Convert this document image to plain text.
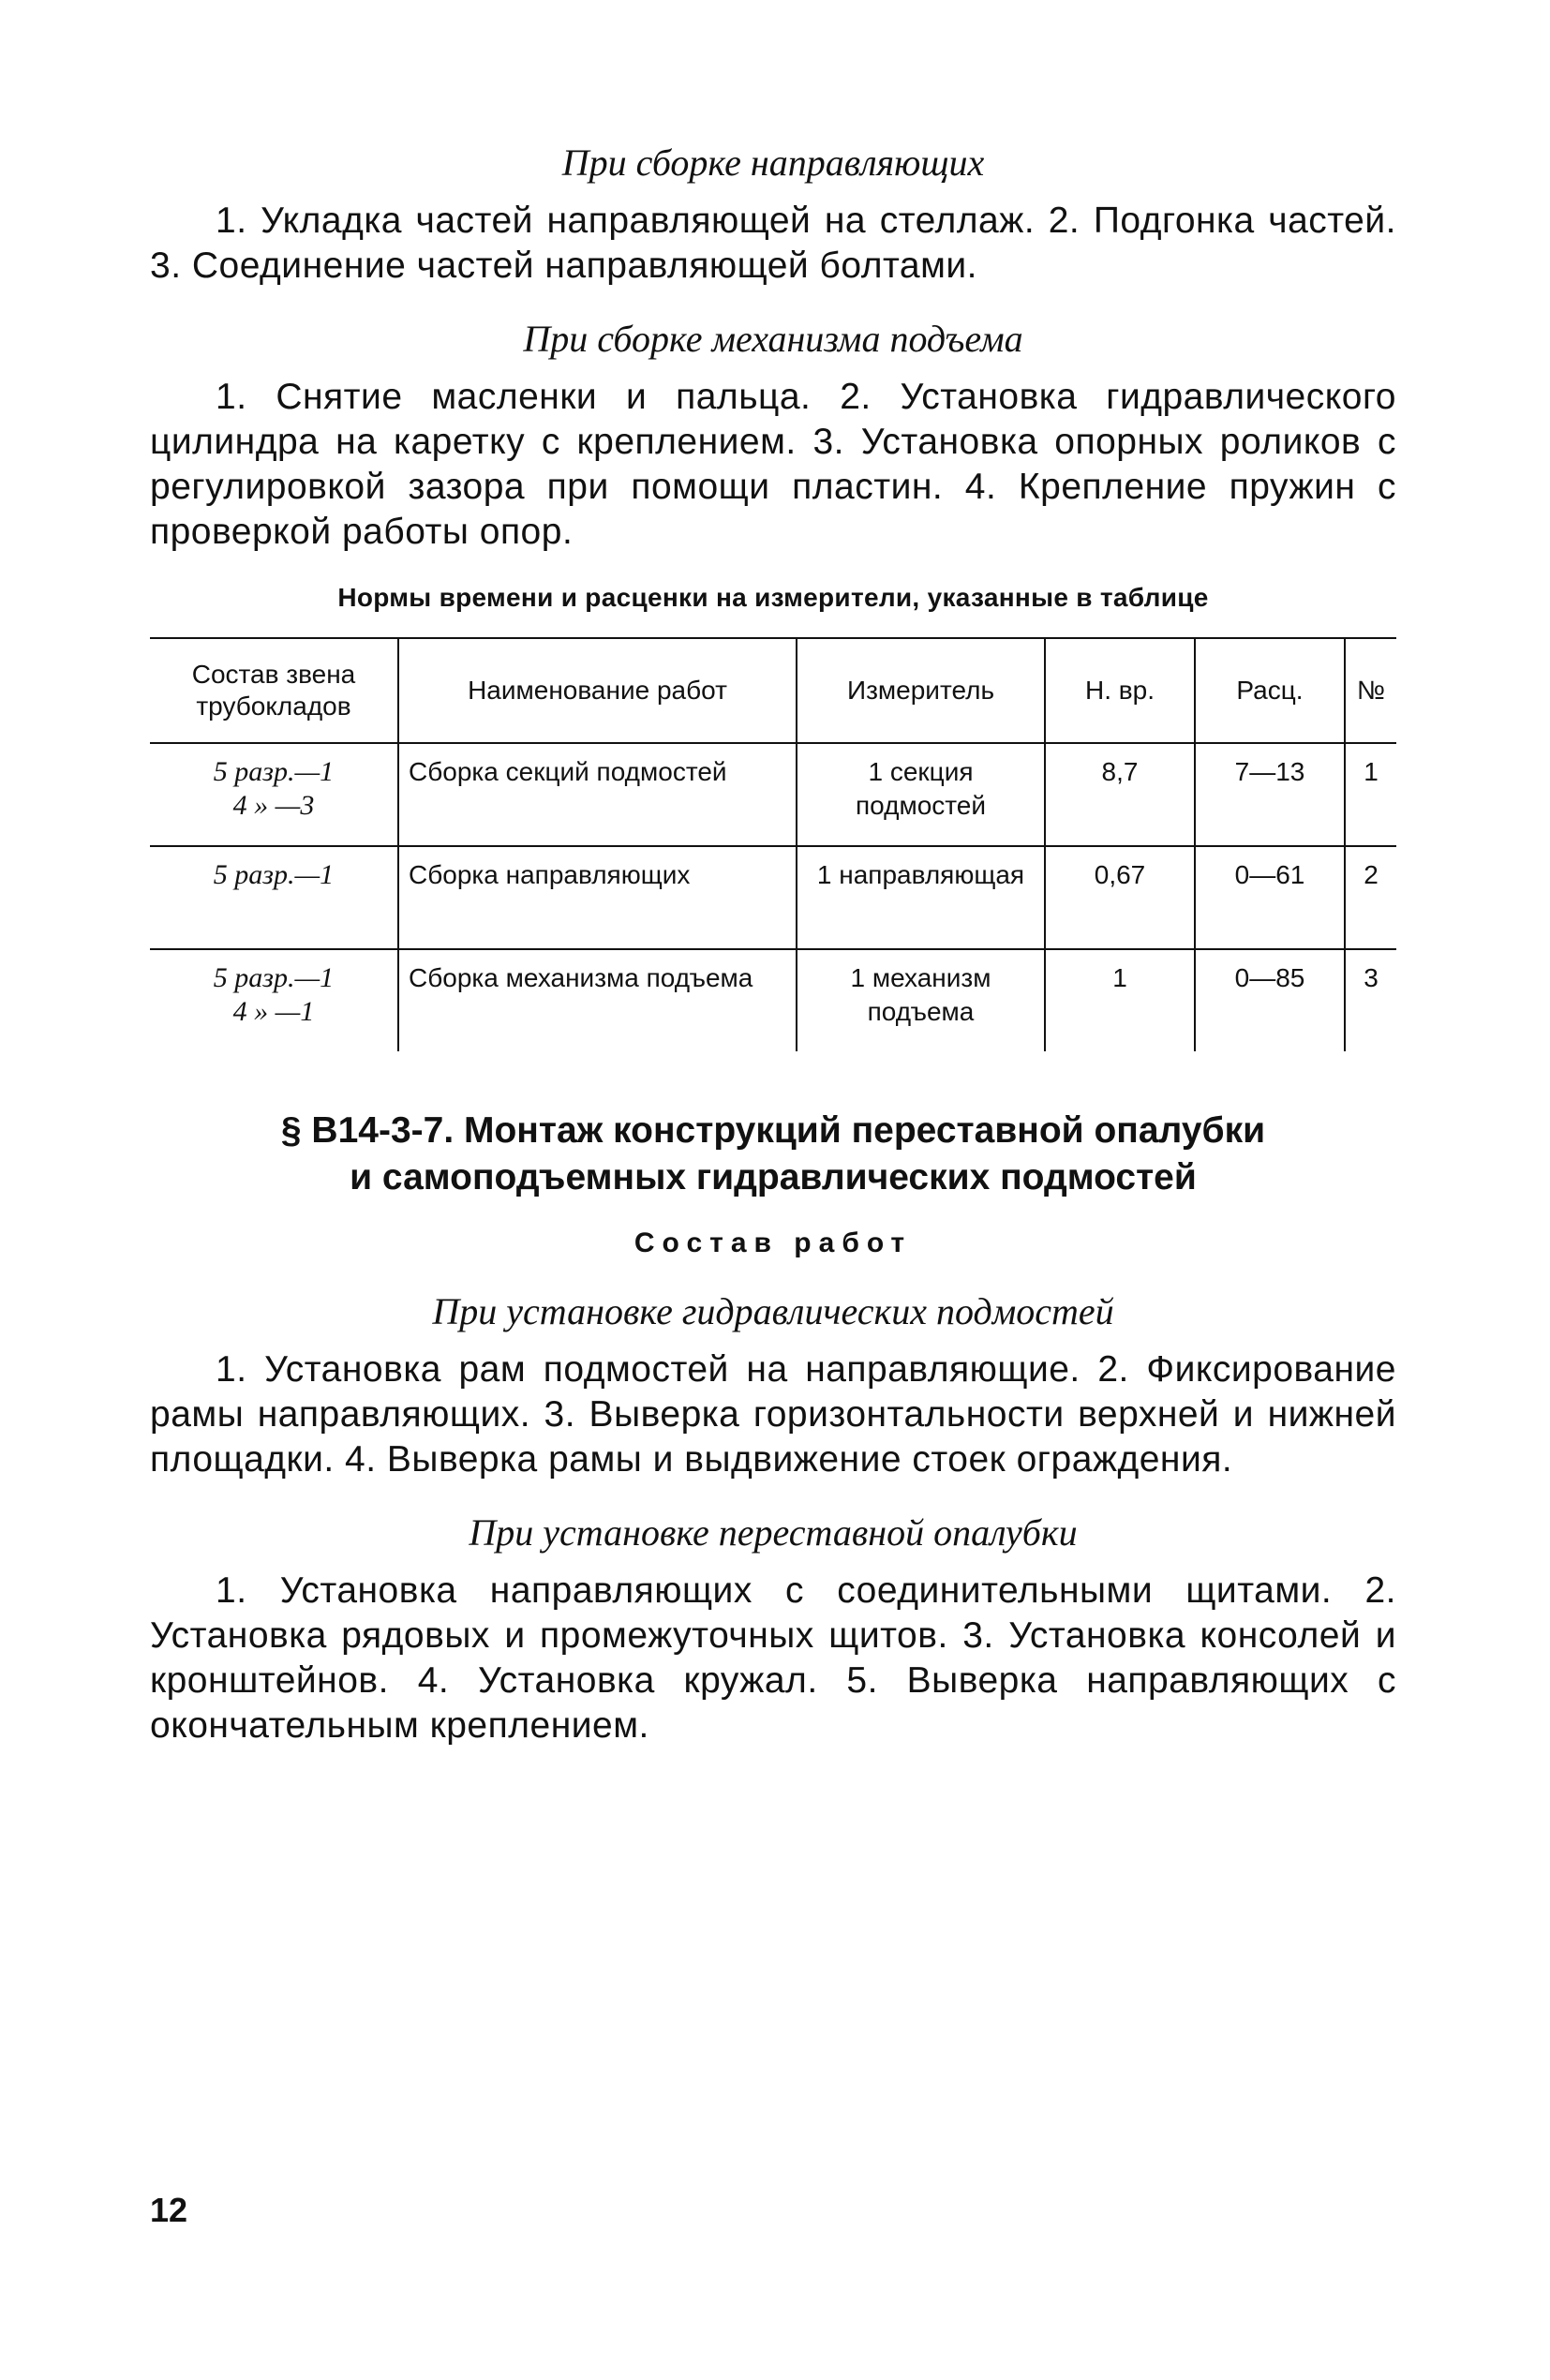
При сборке направляющих

1. Укладка частей направляющей на стеллаж. 2. Подгонка частей. 3. Соединение частей направляющей болтами.

При сборке механизма подъема

1. Снятие масленки и пальца. 2. Установка гидравлического цилиндра на каретку с креплением. 3. Установка опорных роликов с регулировкой зазора при помощи пластин. 4. Крепление пружин с проверкой работы опор.

Нормы времени и расценки на измерители, указанные в таблице

Состав звена трубокладов	Наименование работ	Измеритель	Н. вр.	Расц.	№

5 разр.—1
4 » —3	Сборка секций подмостей	1 секция подмостей	8,7	7—13	1

5 разр.—1	Сборка направляющих	1 направляющая	0,67	0—61	2

5 разр.—1
4 » —1	Сборка механизма подъема	1 механизм подъема	1	0—85	3
§ В14-3-7. Монтаж конструкций переставной опалубки
и самоподъемных гидравлических подмостей

Состав работ

При установке гидравлических подмостей

1. Установка рам подмостей на направляющие. 2. Фиксирование рамы направляющих. 3. Выверка горизонтальности верхней и нижней площадки. 4. Выверка рамы и выдвижение стоек ограждения.

При установке переставной опалубки

1. Установка направляющих с соединительными щитами. 2. Установка рядовых и промежуточных щитов. 3. Установка консолей и кронштейнов. 4. Установка кружал. 5. Выверка направляющих с окончательным креплением.

12
